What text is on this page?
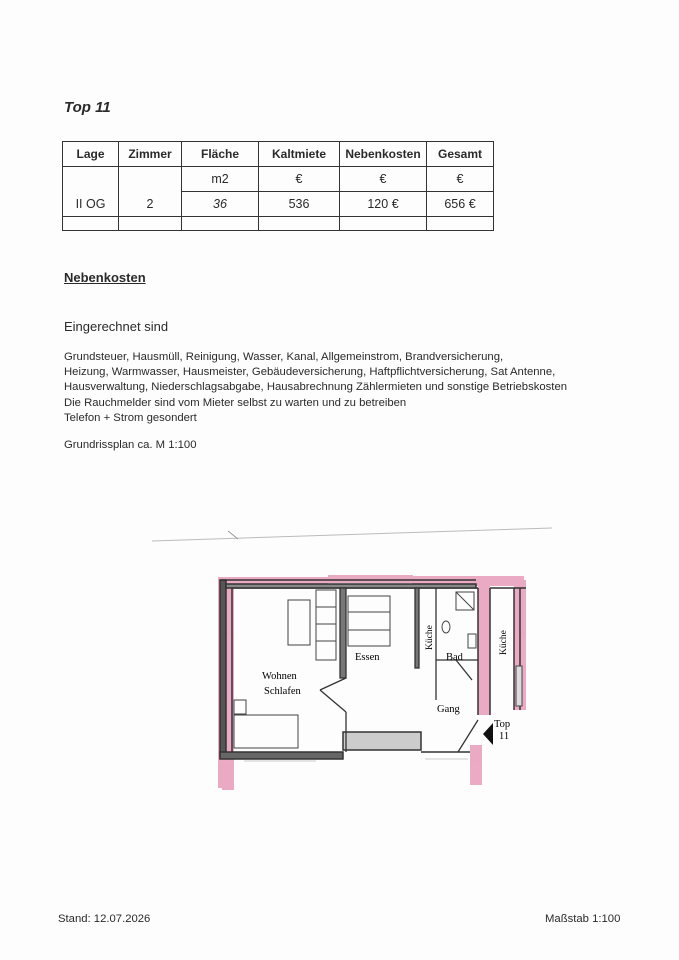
Top 11
Lage	Zimmer	Fläche	Kaltmiete	Nebenkosten	Gesamt
		m2	€	€	€
II OG	2	36	536	120 €	656 €

Nebenkosten
Eingerechnet sind
Grundsteuer, Hausmüll, Reinigung, Wasser, Kanal, Allgemeinstrom, Brandversicherung,
Heizung, Warmwasser, Hausmeister, Gebäudeversicherung, Haftpflichtversicherung, Sat Antenne,
Hausverwaltung, Niederschlagsabgabe, Hausabrechnung Zählermieten und sonstige Betriebskosten
Die Rauchmelder sind vom Mieter selbst zu warten und zu betreiben
Telefon + Strom gesondert
Grundrissplan ca. M 1:100
Wohnen
Schlafen
Essen
Gang
Bad
Top
11
Küche	Küche
Stand: 12.07.2026	Maßstab 1:100
